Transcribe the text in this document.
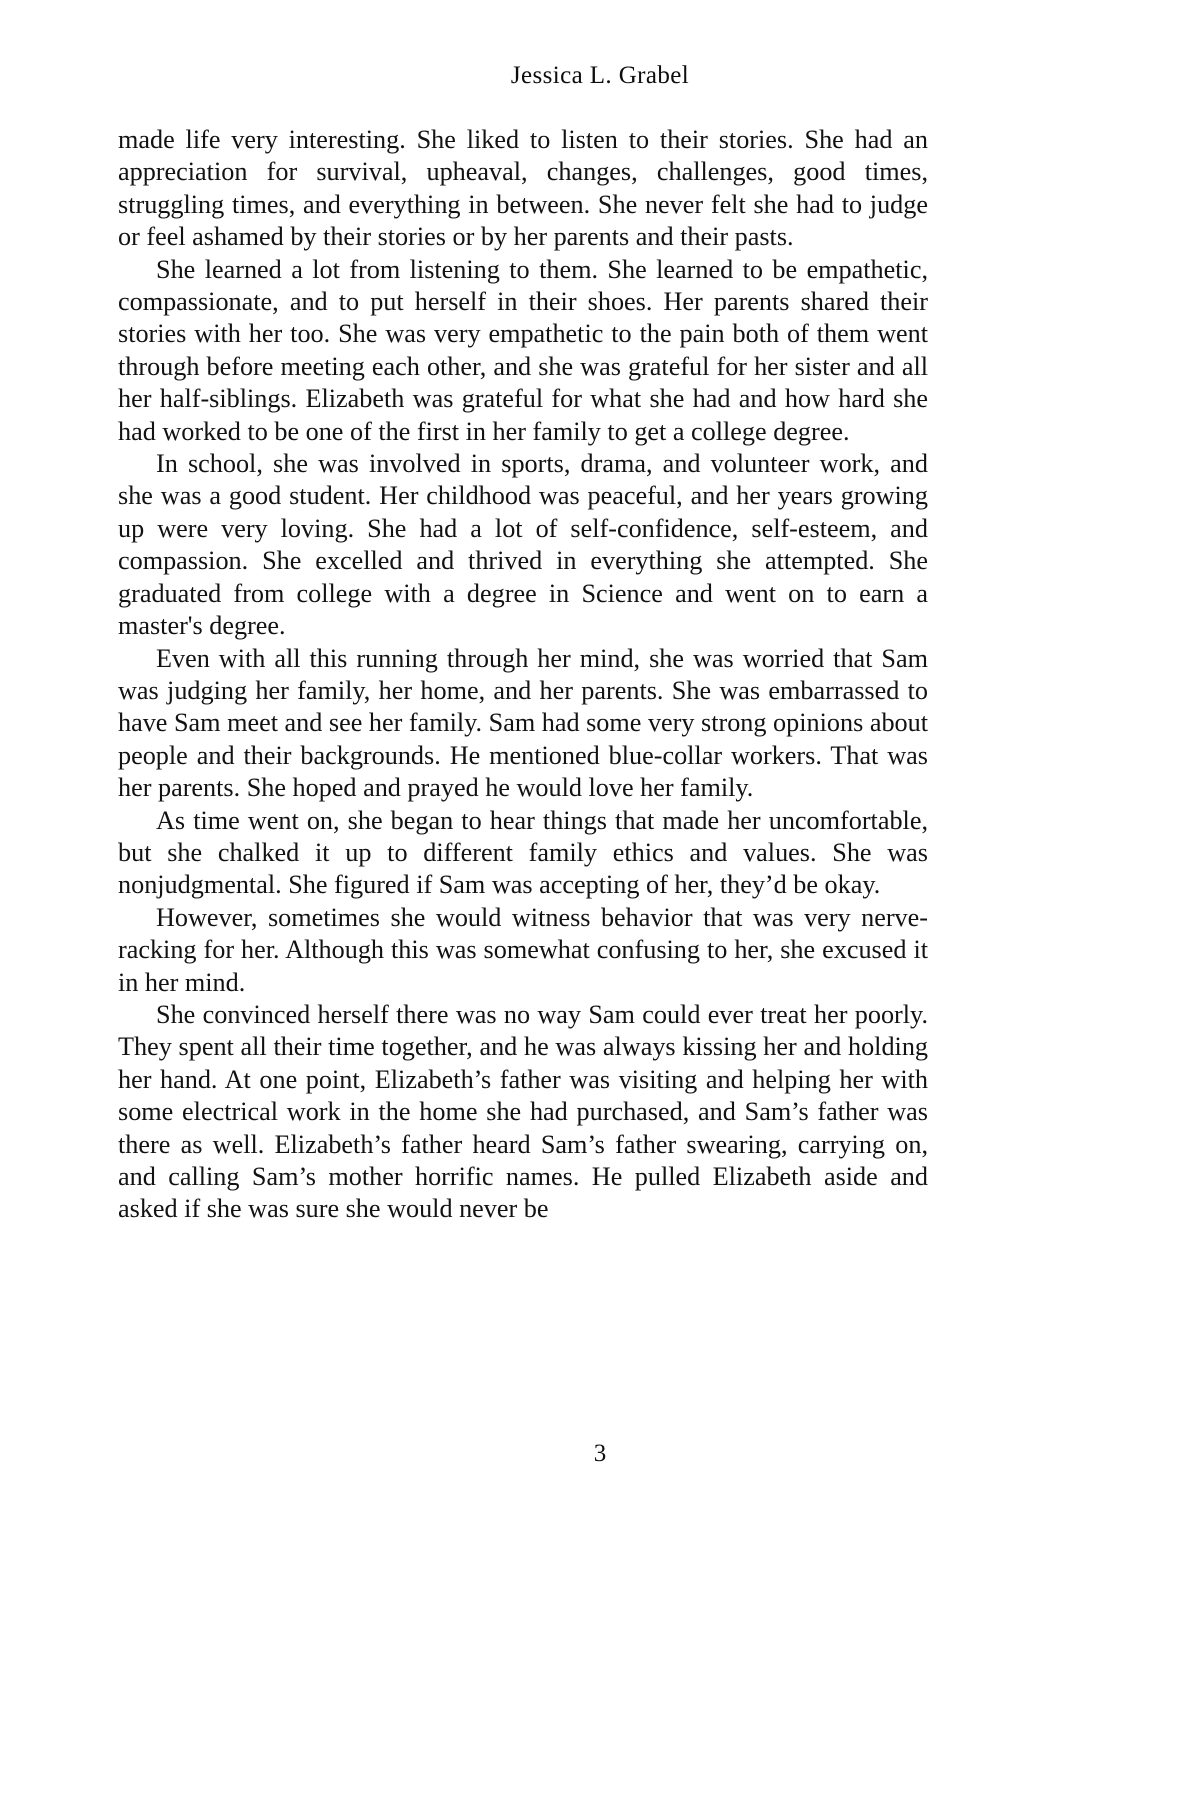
Jessica L. Grabel

made life very interesting. She liked to listen to their stories. She had an appreciation for survival, upheaval, changes, challenges, good times, struggling times, and everything in between. She never felt she had to judge or feel ashamed by their stories or by her parents and their pasts.

She learned a lot from listening to them. She learned to be empathetic, compassionate, and to put herself in their shoes. Her parents shared their stories with her too. She was very empathetic to the pain both of them went through before meeting each other, and she was grateful for her sister and all her half-siblings. Elizabeth was grateful for what she had and how hard she had worked to be one of the first in her family to get a college degree.

In school, she was involved in sports, drama, and volunteer work, and she was a good student. Her childhood was peaceful, and her years growing up were very loving. She had a lot of self-confidence, self-esteem, and compassion. She excelled and thrived in everything she attempted. She graduated from college with a degree in Science and went on to earn a master's degree.

Even with all this running through her mind, she was worried that Sam was judging her family, her home, and her parents. She was embarrassed to have Sam meet and see her family. Sam had some very strong opinions about people and their backgrounds. He mentioned blue-collar workers. That was her parents. She hoped and prayed he would love her family.

As time went on, she began to hear things that made her uncomfortable, but she chalked it up to different family ethics and values. She was nonjudgmental. She figured if Sam was accepting of her, they’d be okay.

However, sometimes she would witness behavior that was very nerve-racking for her. Although this was somewhat confusing to her, she excused it in her mind.

She convinced herself there was no way Sam could ever treat her poorly. They spent all their time together, and he was always kissing her and holding her hand. At one point, Elizabeth’s father was visiting and helping her with some electrical work in the home she had purchased, and Sam’s father was there as well. Elizabeth’s father heard Sam’s father swearing, carrying on, and calling Sam’s mother horrific names. He pulled Elizabeth aside and asked if she was sure she would never be

3
